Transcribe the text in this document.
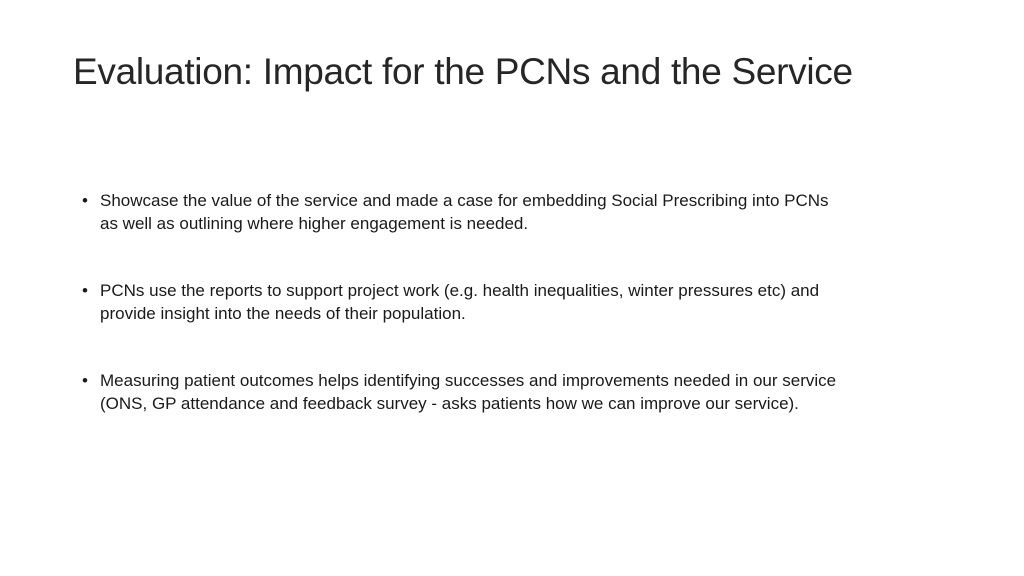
Evaluation: Impact for the PCNs and the Service
• Showcase the value of the service and made a case for embedding Social Prescribing into PCNs as well as outlining where higher engagement is needed.
• PCNs use the reports to support project work (e.g. health inequalities, winter pressures etc) and provide insight into the needs of their population.
• Measuring patient outcomes helps identifying successes and improvements needed in our service (ONS, GP attendance and feedback survey - asks patients how we can improve our service).
